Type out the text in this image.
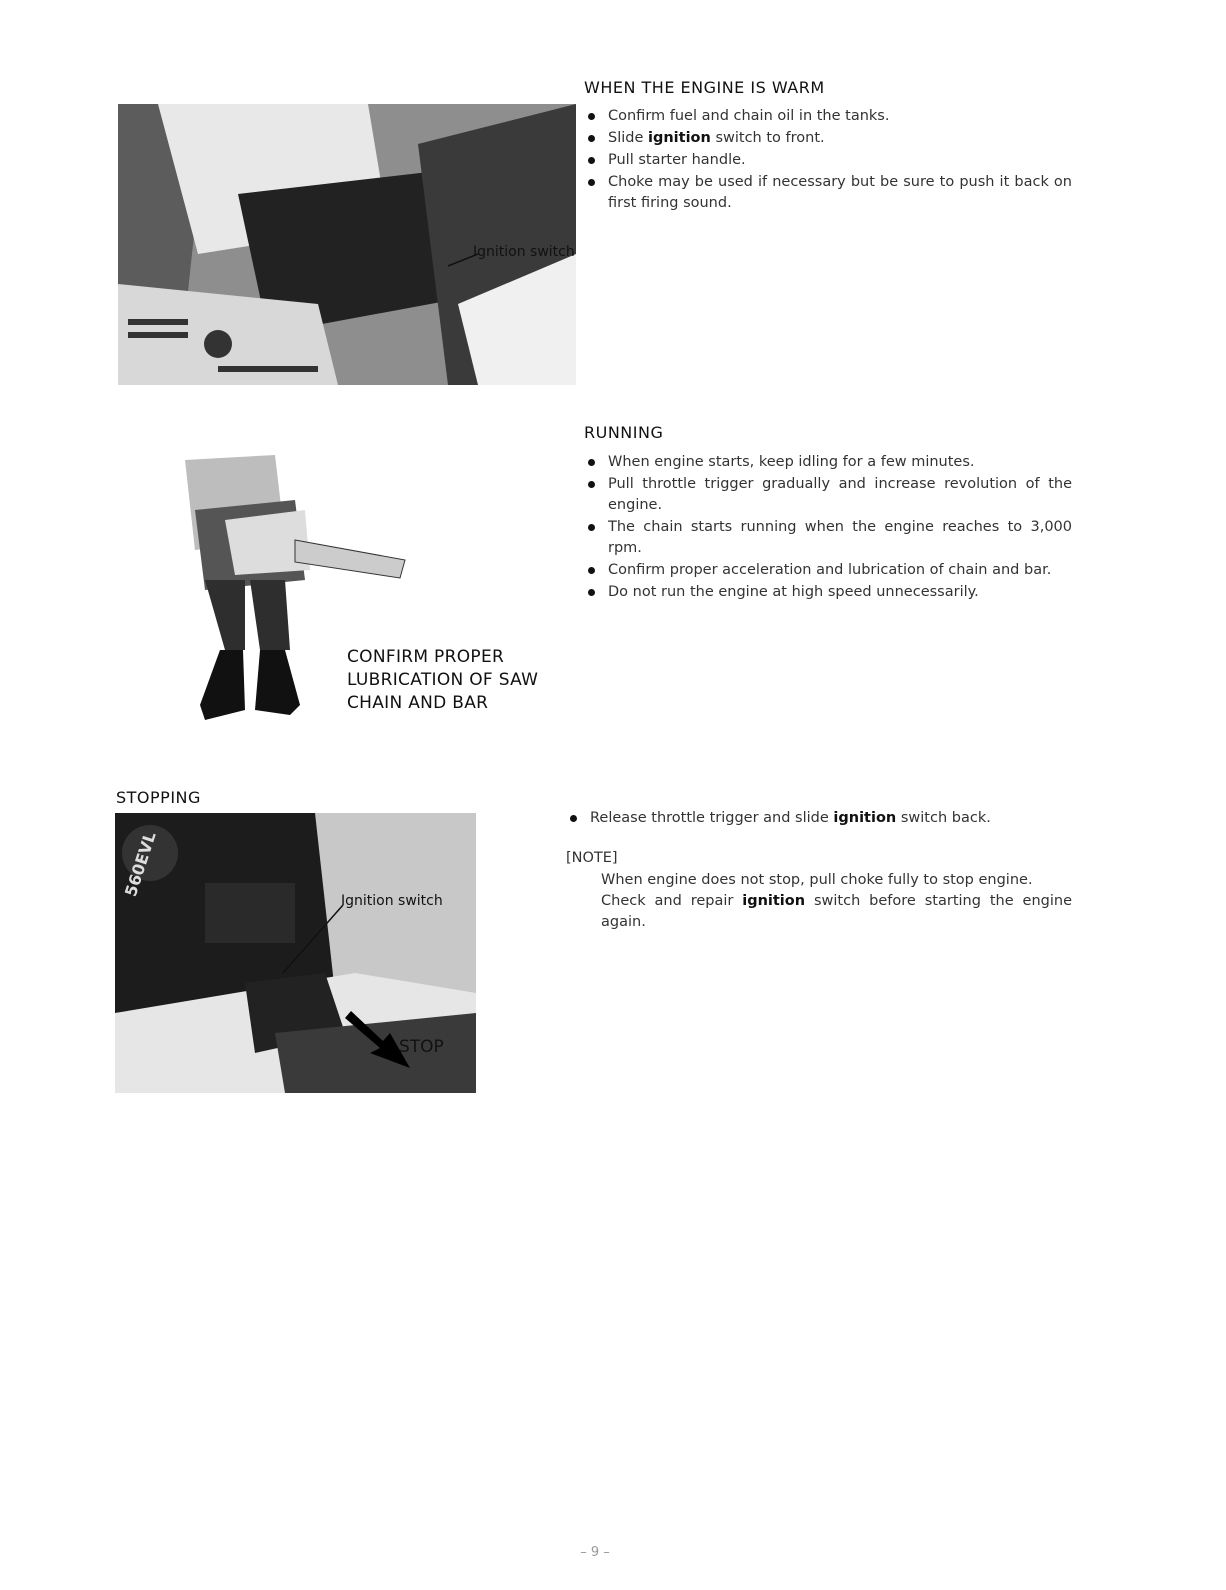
Ignition switch
WHEN THE ENGINE IS WARM
Confirm fuel and chain oil in the tanks.
Slide ignition switch to front.
Pull starter handle.
Choke may be used if necessary but be sure to push it back on first firing sound.
CONFIRM PROPER
LUBRICATION OF SAW
CHAIN AND BAR
RUNNING
When engine starts, keep idling for a few minutes.
Pull throttle trigger gradually and increase revolution of the engine.
The chain starts running when the engine reaches to 3,000 rpm.
Confirm proper acceleration and lubrication of chain and bar.
Do not run the engine at high speed unnecessarily.
STOPPING
560EVL
Ignition switch
STOP
Release throttle trigger and slide ignition switch back.

[NOTE]

When engine does not stop, pull choke fully to stop engine.

Check and repair ignition switch before starting the engine again.

– 9 –
